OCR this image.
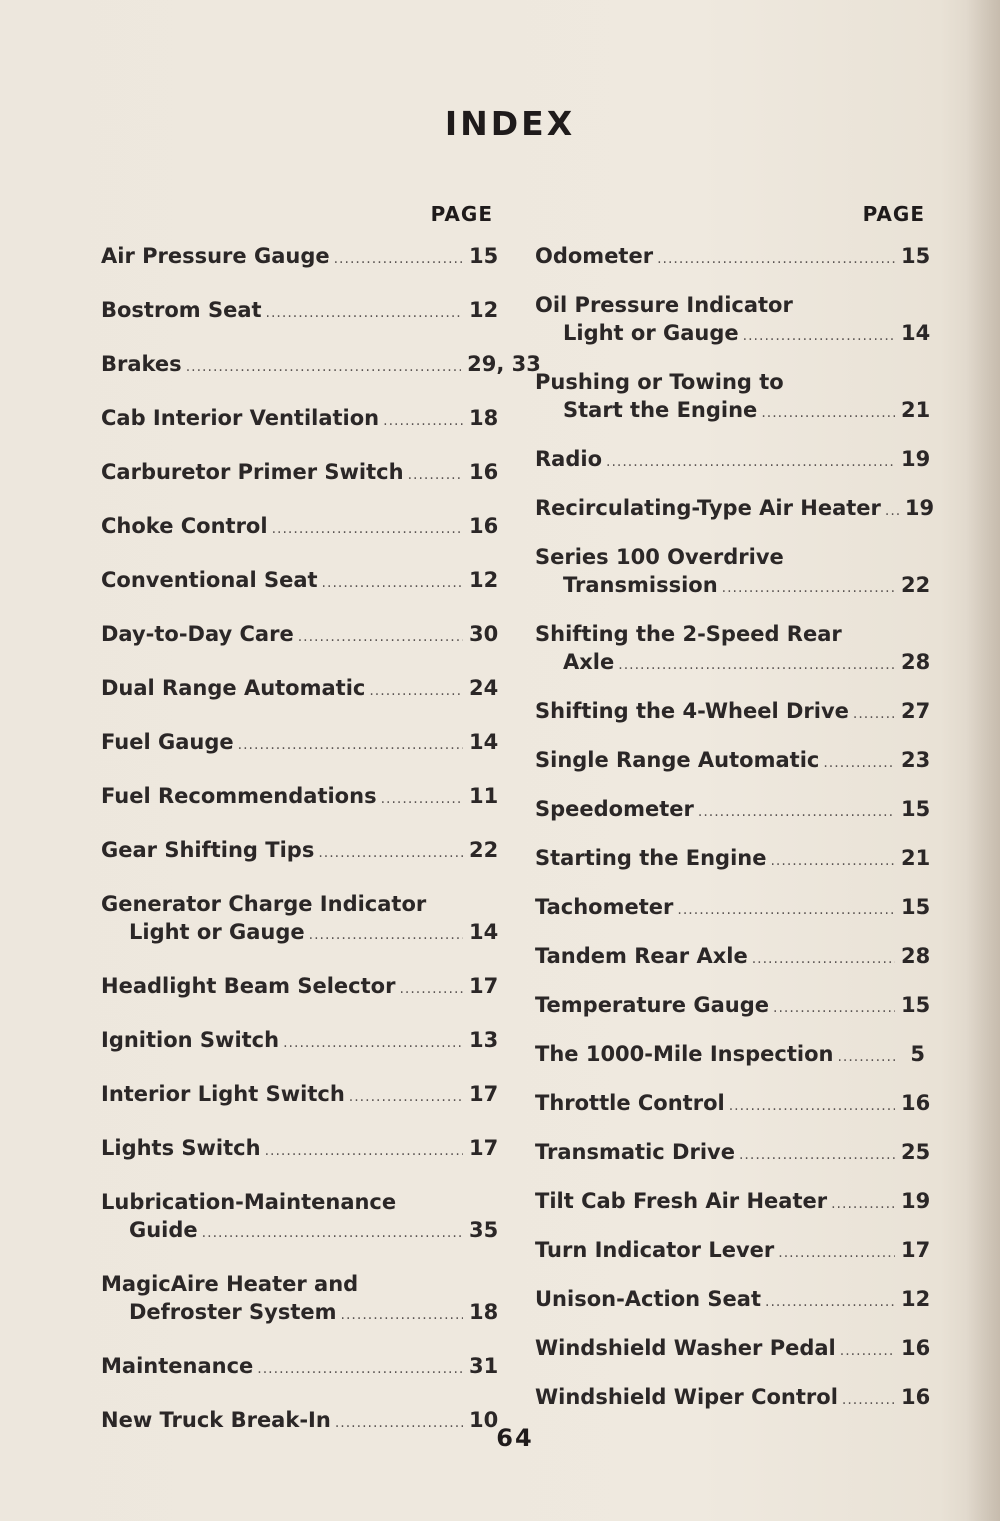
INDEX
PAGE
Air Pressure Gauge .....	15
Bostrom Seat .....	12
Brakes .....	29, 33
Cab Interior Ventilation .....	18
Carburetor Primer Switch .....	16
Choke Control .....	16
Conventional Seat .....	12
Day-to-Day Care .....	30
Dual Range Automatic .....	24
Fuel Gauge .....	14
Fuel Recommendations .....	11
Gear Shifting Tips .....	22
Generator Charge Indicator
Light or Gauge .....	14
Headlight Beam Selector .....	17
Ignition Switch .....	13
Interior Light Switch .....	17
Lights Switch .....	17
Lubrication-Maintenance
Guide .....	35
MagicAire Heater and
Defroster System .....	18
Maintenance .....	31
New Truck Break-In .....	10
PAGE
Odometer .....	15
Oil Pressure Indicator
Light or Gauge .....	14
Pushing or Towing to
Start the Engine .....	21
Radio .....	19
Recirculating-Type Air Heater ..... 19
Series 100 Overdrive
Transmission .....	22
Shifting the 2-Speed Rear
Axle .....	28
Shifting the 4-Wheel Drive ..... 27
Single Range Automatic .....	23
Speedometer .....	15
Starting the Engine .....	21
Tachometer .....	15
Tandem Rear Axle .....	28
Temperature Gauge .....	15
The 1000-Mile Inspection .....	5
Throttle Control .....	16
Transmatic Drive .....	25
Tilt Cab Fresh Air Heater .....	19
Turn Indicator Lever .....	17
Unison-Action Seat .....	12
Windshield Washer Pedal .....	16
Windshield Wiper Control .....	16
64
